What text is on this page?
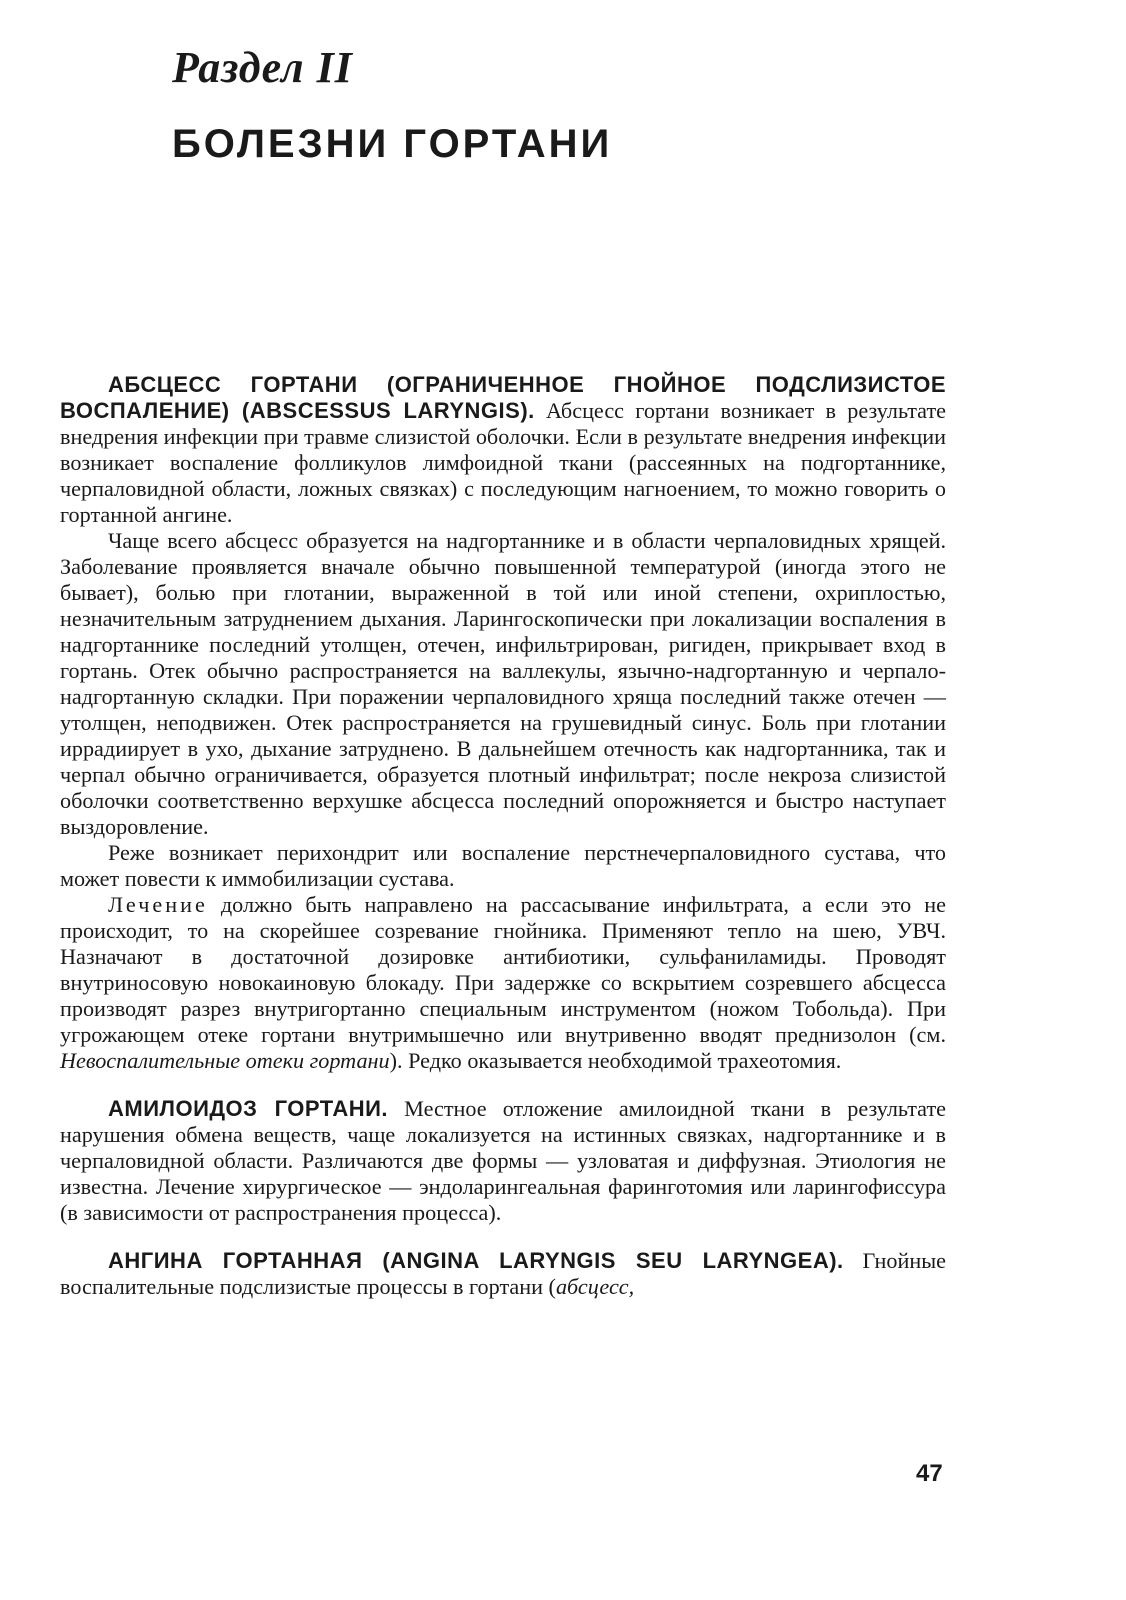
Раздел II
БОЛЕЗНИ ГОРТАНИ

АБСЦЕСС ГОРТАНИ (ОГРАНИЧЕННОЕ ГНОЙНОЕ ПОДСЛИЗИСТОЕ ВОСПАЛЕНИЕ) (ABSCESSUS LARYNGIS). Абсцесс гортани возникает в результате внедрения инфекции при травме слизистой оболочки. Если в результате внедрения инфекции возникает воспаление фолликулов лимфоидной ткани (рассеянных на подгортаннике, черпаловидной области, ложных связках) с последующим нагноением, то можно говорить о гортанной ангине.

Чаще всего абсцесс образуется на надгортаннике и в области черпаловидных хрящей. Заболевание проявляется вначале обычно повышенной температурой (иногда этого не бывает), болью при глотании, выраженной в той или иной степени, охриплостью, незначительным затруднением дыхания. Ларингоскопически при локализации воспаления в надгортаннике последний утолщен, отечен, инфильтрирован, ригиден, прикрывает вход в гортань. Отек обычно распространяется на валлекулы, язычно-надгортанную и черпало-надгортанную складки. При поражении черпаловидного хряща последний также отечен — утолщен, неподвижен. Отек распространяется на грушевидный синус. Боль при глотании иррадиирует в ухо, дыхание затруднено. В дальнейшем отечность как надгортанника, так и черпал обычно ограничивается, образуется плотный инфильтрат; после некроза слизистой оболочки соответственно верхушке абсцесса последний опорожняется и быстро наступает выздоровление.

Реже возникает перихондрит или воспаление перстнечерпаловидного сустава, что может повести к иммобилизации сустава.

Лечение должно быть направлено на рассасывание инфильтрата, а если это не происходит, то на скорейшее созревание гнойника. Применяют тепло на шею, УВЧ. Назначают в достаточной дозировке антибиотики, сульфаниламиды. Проводят внутриносовую новокаиновую блокаду. При задержке со вскрытием созревшего абсцесса производят разрез внутригортанно специальным инструментом (ножом Тобольда). При угрожающем отеке гортани внутримышечно или внутривенно вводят преднизолон (см. Невоспалительные отеки гортани). Редко оказывается необходимой трахеотомия.

АМИЛОИДОЗ ГОРТАНИ. Местное отложение амилоидной ткани в результате нарушения обмена веществ, чаще локализуется на истинных связках, надгортаннике и в черпаловидной области. Различаются две формы — узловатая и диффузная. Этиология не известна. Лечение хирургическое — эндоларингеальная фаринготомия или ларингофиссура (в зависимости от распространения процесса).

АНГИНА ГОРТАННАЯ (ANGINA LARYNGIS SEU LARYNGEA). Гнойные воспалительные подслизистые процессы в гортани (абсцесс,

47
